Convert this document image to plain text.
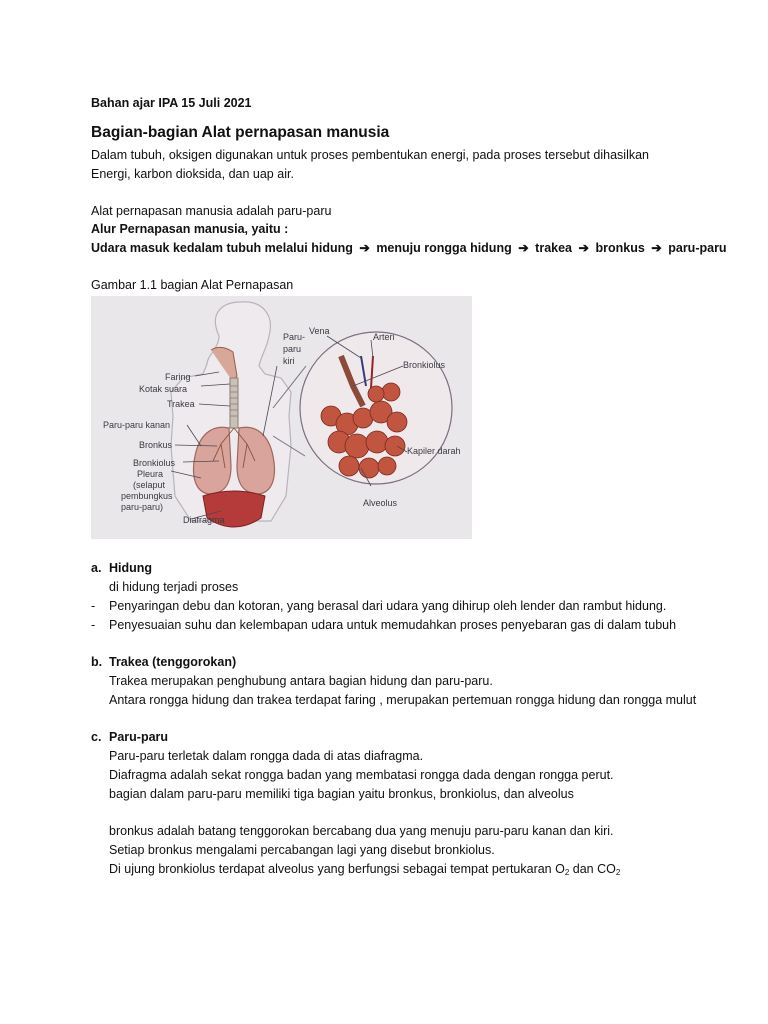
Bahan ajar IPA 15 Juli 2021
Bagian-bagian Alat pernapasan manusia
Dalam tubuh, oksigen digunakan untuk proses pembentukan energi, pada proses tersebut dihasilkan
Energi, karbon dioksida, dan uap air.
Alat pernapasan manusia adalah paru-paru
Alur Pernapasan manusia, yaitu :
Udara masuk kedalam tubuh melalui hidung ➔ menuju rongga hidung ➔ trakea ➔ bronkus ➔ paru-paru
Gambar 1.1 bagian Alat Pernapasan
Faring
Kotak suara
Trakea
Paru-paru kanan
Bronkus
Bronkiolus
Pleura
(selaput
pembungkus
paru-paru)
Diafragma
Paru-
paru
kiri
Vena
Arteri
Bronkiolus
Kapiler darah
Alveolus
a. Hidung
di hidung terjadi proses
- Penyaringan debu dan kotoran, yang berasal dari udara yang dihirup oleh lender dan rambut hidung.
- Penyesuaian suhu dan kelembapan udara untuk memudahkan proses penyebaran gas di dalam tubuh
b. Trakea (tenggorokan)
Trakea merupakan penghubung antara bagian hidung dan paru-paru.
Antara rongga hidung dan trakea terdapat faring , merupakan pertemuan rongga hidung dan rongga mulut
c. Paru-paru
Paru-paru terletak dalam rongga dada di atas diafragma.
Diafragma adalah sekat rongga badan yang membatasi rongga dada dengan rongga perut.
bagian dalam paru-paru memiliki tiga bagian yaitu bronkus, bronkiolus, dan alveolus
bronkus adalah batang tenggorokan bercabang dua yang menuju paru-paru kanan dan kiri.
Setiap bronkus mengalami percabangan lagi yang disebut bronkiolus.
Di ujung bronkiolus terdapat alveolus yang berfungsi sebagai tempat pertukaran $O_2$ dan $CO_2$
